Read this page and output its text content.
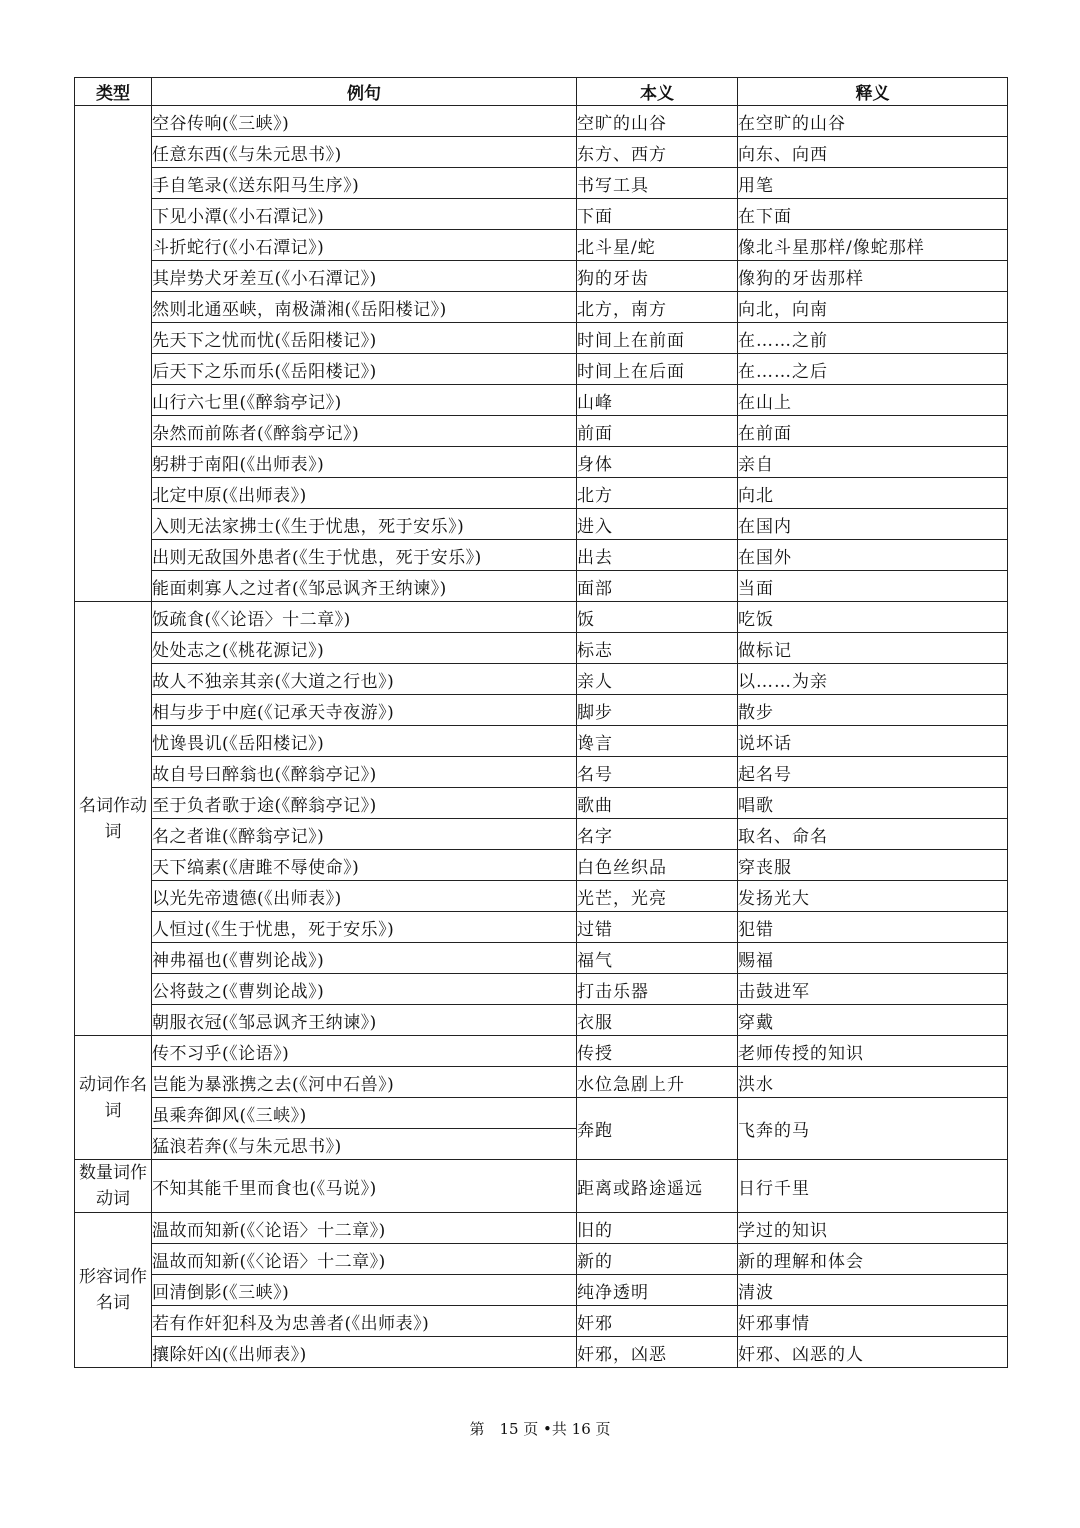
类型	例句	本义	释义
	空谷传响(《三峡》)	空旷的山谷	在空旷的山谷
	任意东西(《与朱元思书》)	东方、西方	向东、向西
	手自笔录(《送东阳马生序》)	书写工具	用笔
	下见小潭(《小石潭记》)	下面	在下面
	斗折蛇行(《小石潭记》)	北斗星/蛇	像北斗星那样/像蛇那样
	其岸势犬牙差互(《小石潭记》)	狗的牙齿	像狗的牙齿那样
	然则北通巫峡，南极潇湘(《岳阳楼记》)	北方，南方	向北，向南
	先天下之忧而忧(《岳阳楼记》)	时间上在前面	在……之前
	后天下之乐而乐(《岳阳楼记》)	时间上在后面	在……之后
	山行六七里(《醉翁亭记》)	山峰	在山上
	杂然而前陈者(《醉翁亭记》)	前面	在前面
	躬耕于南阳(《出师表》)	身体	亲自
	北定中原(《出师表》)	北方	向北
	入则无法家拂士(《生于忧患，死于安乐》)	进入	在国内
	出则无敌国外患者(《生于忧患，死于安乐》)	出去	在国外
	能面刺寡人之过者(《邹忌讽齐王纳谏》)	面部	当面
名词作动词	饭疏食(《〈论语〉十二章》)	饭	吃饭
	处处志之(《桃花源记》)	标志	做标记
	故人不独亲其亲(《大道之行也》)	亲人	以……为亲
	相与步于中庭(《记承天寺夜游》)	脚步	散步
	忧谗畏讥(《岳阳楼记》)	谗言	说坏话
	故自号曰醉翁也(《醉翁亭记》)	名号	起名号
	至于负者歌于途(《醉翁亭记》)	歌曲	唱歌
	名之者谁(《醉翁亭记》)	名字	取名、命名
	天下缟素(《唐雎不辱使命》)	白色丝织品	穿丧服
	以光先帝遗德(《出师表》)	光芒，光亮	发扬光大
	人恒过(《生于忧患，死于安乐》)	过错	犯错
	神弗福也(《曹刿论战》)	福气	赐福
	公将鼓之(《曹刿论战》)	打击乐器	击鼓进军
	朝服衣冠(《邹忌讽齐王纳谏》)	衣服	穿戴
动词作名词	传不习乎(《论语》)	传授	老师传授的知识
	岂能为暴涨携之去(《河中石兽》)	水位急剧上升	洪水
	虽乘奔御风(《三峡》)	奔跑	飞奔的马
	猛浪若奔(《与朱元思书》)		
数量词作动词	不知其能千里而食也(《马说》)	距离或路途遥远	日行千里
形容词作名词	温故而知新(《〈论语〉十二章》)	旧的	学过的知识
	温故而知新(《〈论语〉十二章》)	新的	新的理解和体会
	回清倒影(《三峡》)	纯净透明	清波
	若有作奸犯科及为忠善者(《出师表》)	奸邪	奸邪事情
	攘除奸凶(《出师表》)	奸邪，凶恶	奸邪、凶恶的人
第　15 页 •共 16 页
